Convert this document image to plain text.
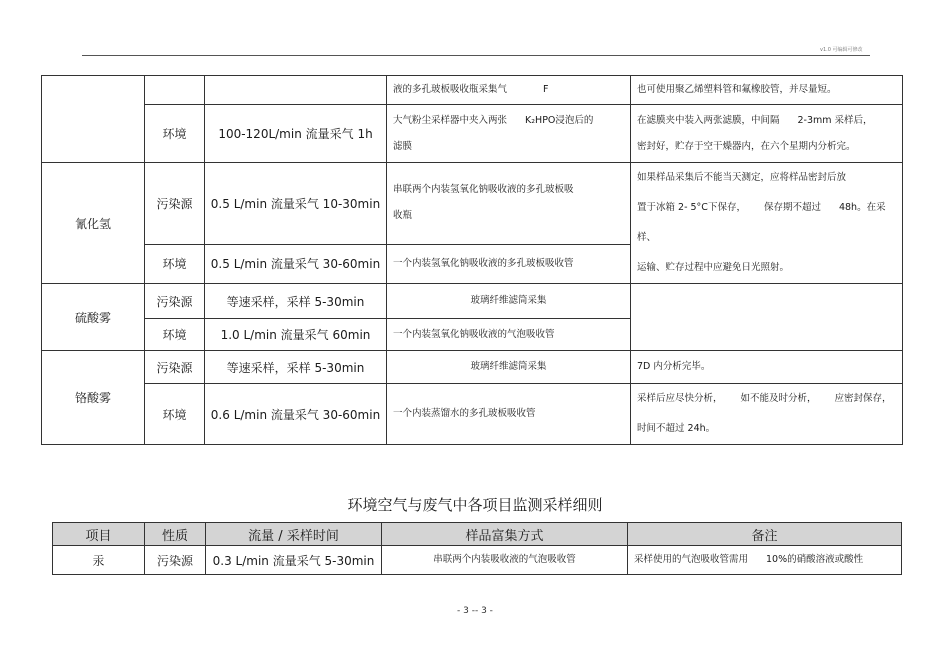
v1.0 可编辑可修改
			液的多孔玻板吸收瓶采集气 F	也可使用聚乙烯塑料管和氟橡胶管，并尽量短。
	环境	100-120L/min 流量采气 1h	大气粉尘采样器中夹入两张 K₂HPO浸泡后的
滤膜	在滤膜夹中装入两张滤膜，中间隔 2-3mm 采样后，
密封好，贮存于空干燥器内，在六个星期内分析完。
氰化氢	污染源	0.5 L/min 流量采气 10-30min	串联两个内装氢氧化钠吸收液的多孔玻板吸
收瓶	如果样品采集后不能当天测定，应将样品密封后放
置于冰箱 2- 5°C下保存， 保存期不超过 48h。在采样、
运输、贮存过程中应避免日光照射。
	环境	0.5 L/min 流量采气 30-60min	一个内装氢氧化钠吸收液的多孔玻板吸收管	
硫酸雾	污染源	等速采样，采样 5-30min	玻璃纤维滤筒采集	
	环境	1.0 L/min 流量采气 60min	一个内装氢氧化钠吸收液的气泡吸收管	
铬酸雾	污染源	等速采样，采样 5-30min	玻璃纤维滤筒采集	7D 内分析完毕。
	环境	0.6 L/min 流量采气 30-60min	一个内装蒸馏水的多孔玻板吸收管	采样后应尽快分析， 如不能及时分析， 应密封保存，
时间不超过 24h。
环境空气与废气中各项目监测采样细则
项目	性质	流量 / 采样时间	样品富集方式	备注
汞	污染源	0.3 L/min 流量采气 5-30min	串联两个内装吸收液的气泡吸收管	采样使用的气泡吸收管需用 10%的硝酸溶液或酸性
- 3 -- 3 -
